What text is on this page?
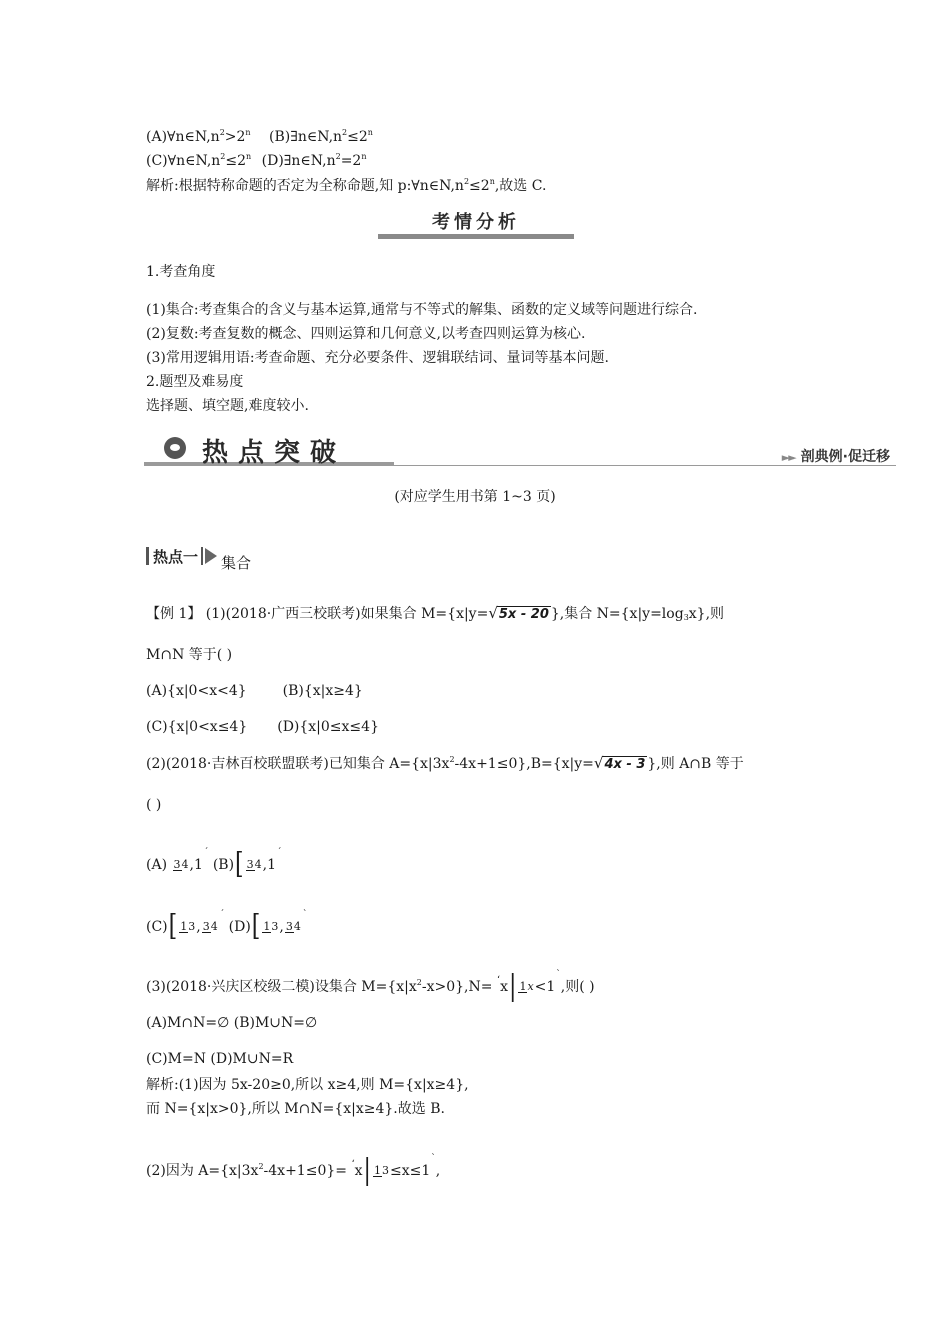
$(A)\forall n\in N,n^2>2^n$ $(B)\exists n\in N,n^2\le 2^n$
$(C)\forall n\in N,n^2\le 2^n$ $(D)\exists n\in N,n^2=2^n$
解析:根据特称命题的否定为全称命题,知 $p:\forall n\in N,n^2\le 2^n$,故选 C.
考情分析
1.考查角度
(1)集合:考查集合的含义与基本运算,通常与不等式的解集、函数的定义域等问题进行综合.
(2)复数:考查复数的概念、四则运算和几何意义,以考查四则运算为核心.
(3)常用逻辑用语:考查命题、充分必要条件、逻辑联结词、量词等基本问题.
2.题型及难易度
选择题、填空题,难度较小.
热点突破	►► 剖典例·促迁移
(对应学生用书第 1~3 页)
热点一 集合
【例 1】 (1)(2018·广西三校联考)如果集合 M={x|y=√5x - 20 },集合 $N=\{x|y=\log_3x\}$,则
M∩N 等于( )
(A){x|0<x<4}	(B){x|x≥4}
(C){x|0<x≤4} (D){x|0≤x≤4}
(2)(2018·吉林百校联盟联考)已知集合 $A=\{x|3x^2-4x+1\le 0\},B=\{x|y=√4x - 3$ },则 A∩B 等于
( )
(A) 34,1ˊ (B)[ 34,1ˊ
(C)[ 13, 34ˊ (D)[ 13, 34ˋ
(3)(2018·兴庆区校级二模)设集合 $M=\{x|x^2-x>0\},N=$ ʻx| 1x<1ˋ,则( )
(A)M∩N=∅ (B)M∪N=∅
(C)M=N (D)M∪N=R
解析:(1)因为 5x-20≥0,所以 x≥4,则 M={x|x≥4},
而 N={x|x>0},所以 M∩N={x|x≥4}.故选 B.
(2)因为 $A=\{x|3x^2-4x+1\le 0\}=$ ʻx| 13≤x≤1ˋ,
